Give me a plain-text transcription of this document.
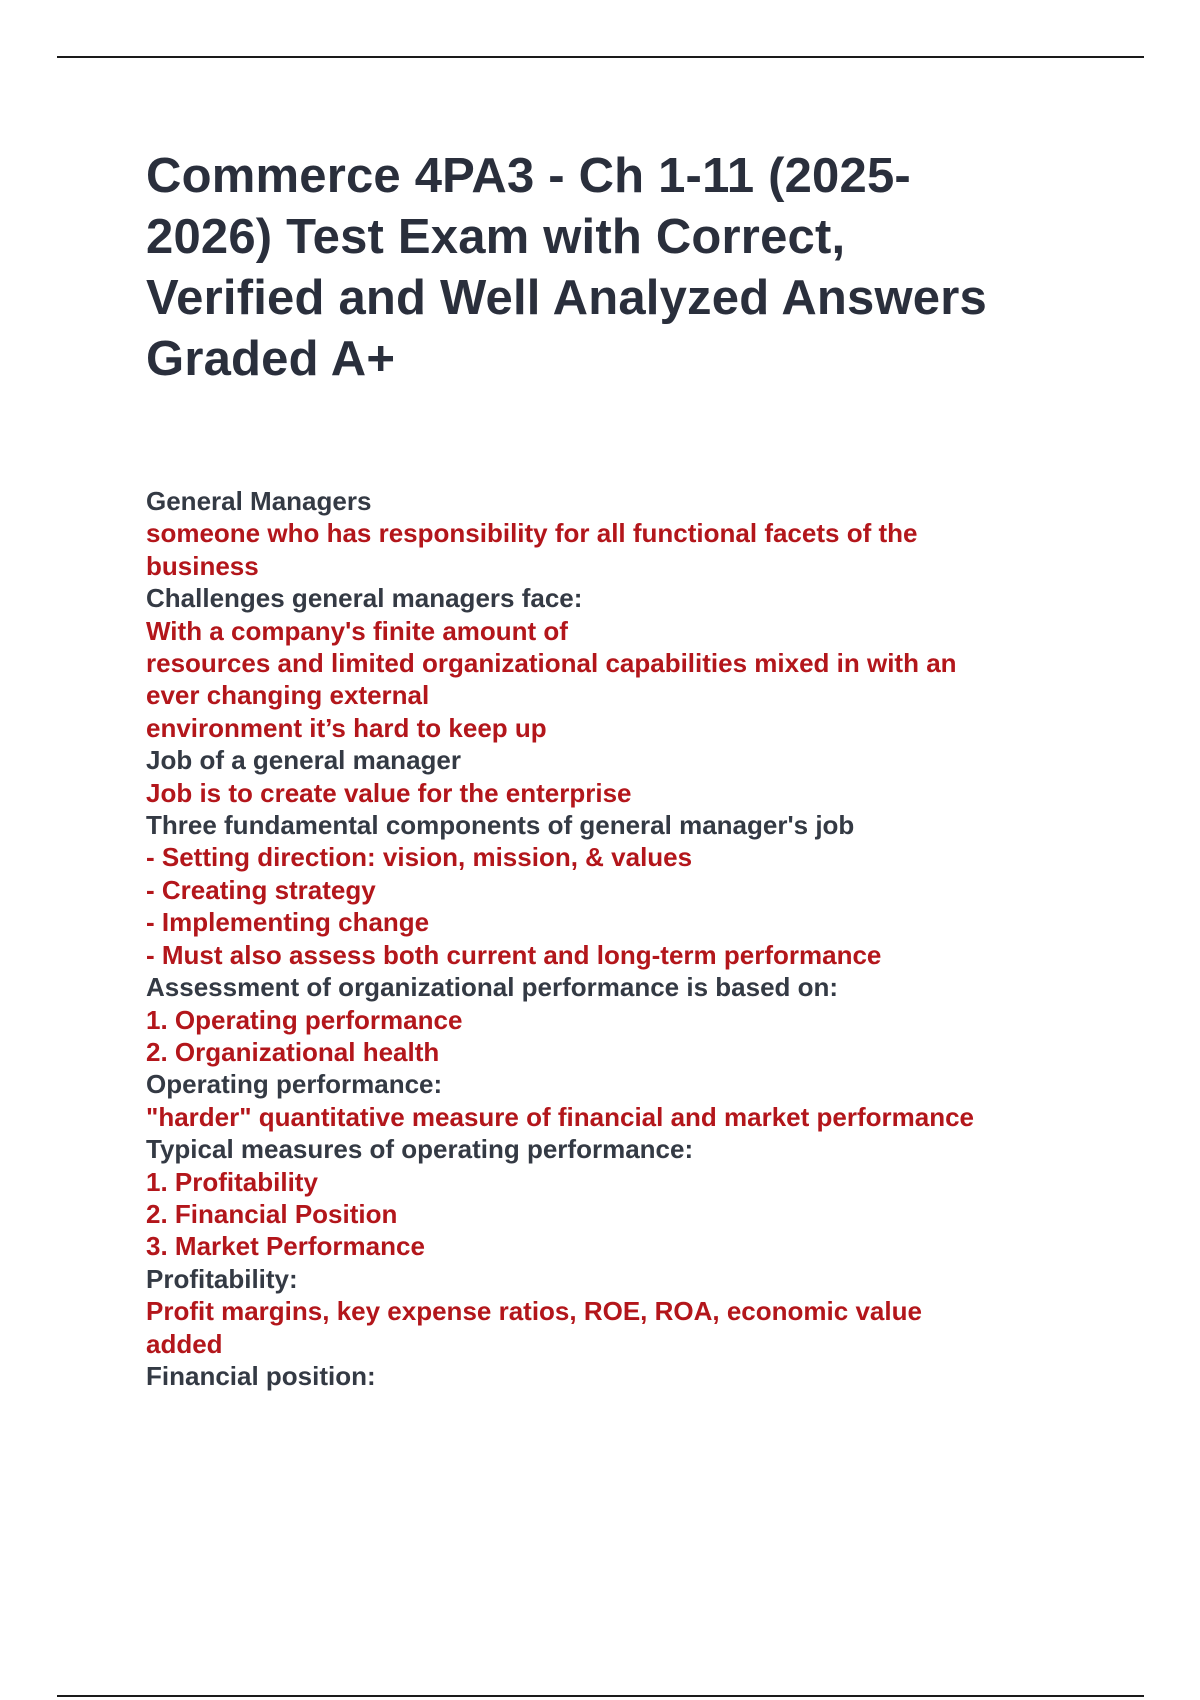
Commerce 4PA3 - Ch 1-11 (2025-
2026) Test Exam with Correct,
Verified and Well Analyzed Answers
Graded A+
General Managers
someone who has responsibility for all functional facets of the
business
Challenges general managers face:
With a company's finite amount of
resources and limited organizational capabilities mixed in with an
ever changing external
environment it’s hard to keep up
Job of a general manager
Job is to create value for the enterprise
Three fundamental components of general manager's job
- Setting direction: vision, mission, & values
- Creating strategy
- Implementing change
- Must also assess both current and long-term performance
Assessment of organizational performance is based on:
1. Operating performance
2. Organizational health
Operating performance:
"harder" quantitative measure of financial and market performance
Typical measures of operating performance:
1. Profitability
2. Financial Position
3. Market Performance
Profitability:
Profit margins, key expense ratios, ROE, ROA, economic value
added
Financial position:
